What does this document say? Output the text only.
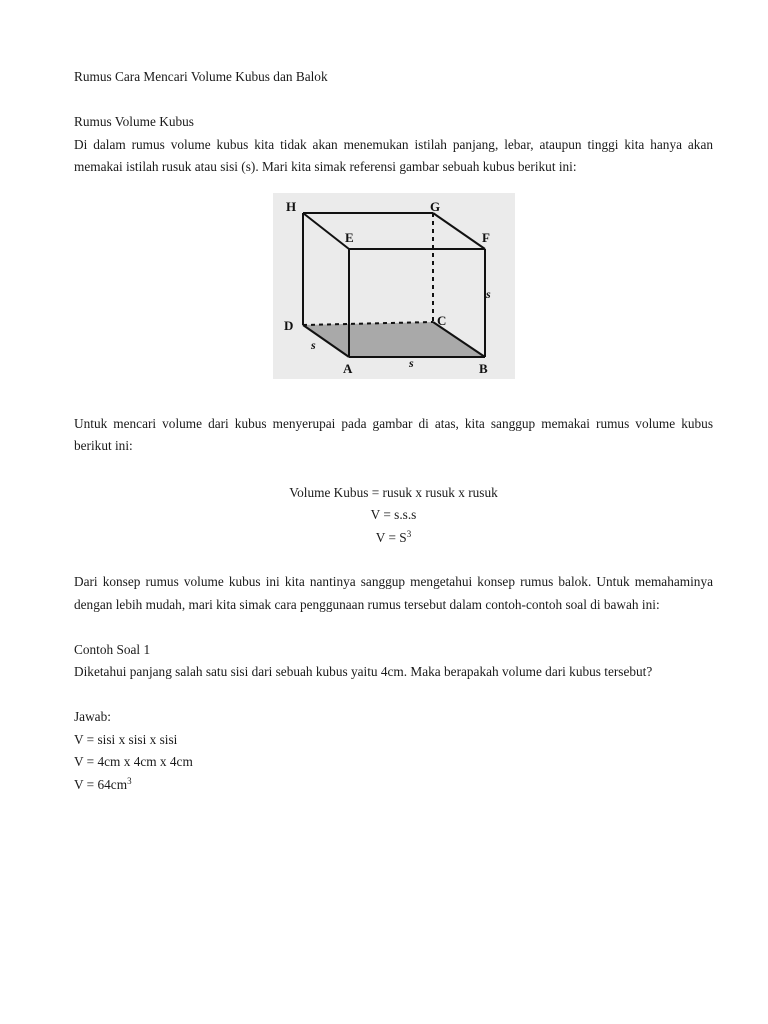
Rumus Cara Mencari Volume Kubus dan Balok

Rumus Volume Kubus

Di dalam rumus volume kubus kita tidak akan menemukan istilah panjang, lebar, ataupun tinggi kita hanya akan memakai istilah rusuk atau sisi (s). Mari kita simak referensi gambar sebuah kubus berikut ini:

H	G
E	F
D	C
A	B
s
s
s

Untuk mencari volume dari kubus menyerupai pada gambar di atas, kita sanggup memakai rumus volume kubus berikut ini:

Volume Kubus = rusuk x rusuk x rusuk

V = s.s.s

$V = S^3$

Dari konsep rumus volume kubus ini kita nantinya sanggup mengetahui konsep rumus balok. Untuk memahaminya dengan lebih mudah, mari kita simak cara penggunaan rumus tersebut dalam contoh-contoh soal di bawah ini:

Contoh Soal 1

Diketahui panjang salah satu sisi dari sebuah kubus yaitu 4cm. Maka berapakah volume dari kubus tersebut?

Jawab:

V = sisi x sisi x sisi

V = 4cm x 4cm x 4cm

$V = 64cm^3$
